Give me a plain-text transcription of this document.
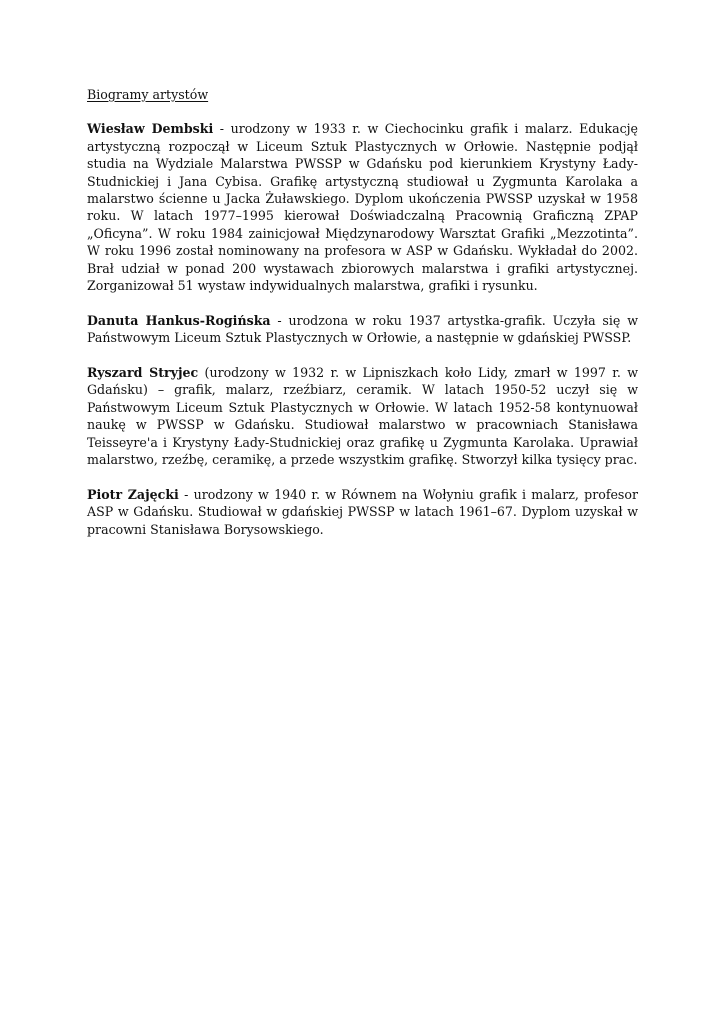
Biogramy artystów

Wiesław Dembski - urodzony w 1933 r. w Ciechocinku grafik i malarz. Edukację artystyczną rozpoczął w Liceum Sztuk Plastycznych w Orłowie. Następnie podjął studia na Wydziale Malarstwa PWSSP w Gdańsku pod kierunkiem Krystyny Łady-Studnickiej i Jana Cybisa. Grafikę artystyczną studiował u Zygmunta Karolaka a malarstwo ścienne u Jacka Żuławskiego. Dyplom ukończenia PWSSP uzyskał w 1958 roku. W latach 1977–1995 kierował Doświadczalną Pracownią Graficzną ZPAP „Oficyna”. W roku 1984 zainicjował Międzynarodowy Warsztat Grafiki „Mezzotinta”. W roku 1996 został nominowany na profesora w ASP w Gdańsku. Wykładał do 2002. Brał udział w ponad 200 wystawach zbiorowych malarstwa i grafiki artystycznej. Zorganizował 51 wystaw indywidualnych malarstwa, grafiki i rysunku.

Danuta Hankus-Rogińska - urodzona w roku 1937 artystka-grafik. Uczyła się w Państwowym Liceum Sztuk Plastycznych w Orłowie, a następnie w gdańskiej PWSSP.

Ryszard Stryjec (urodzony w 1932 r. w Lipniszkach koło Lidy, zmarł w 1997 r. w Gdańsku) – grafik, malarz, rzeźbiarz, ceramik. W latach 1950-52 uczył się w Państwowym Liceum Sztuk Plastycznych w Orłowie. W latach 1952-58 kontynuował naukę w PWSSP w Gdańsku. Studiował malarstwo w pracowniach Stanisława Teisseyre'a i Krystyny Łady-Studnickiej oraz grafikę u Zygmunta Karolaka. Uprawiał malarstwo, rzeźbę, ceramikę, a przede wszystkim grafikę. Stworzył kilka tysięcy prac.

Piotr Zajęcki - urodzony w 1940 r. w Równem na Wołyniu grafik i malarz, profesor ASP w Gdańsku. Studiował w gdańskiej PWSSP w latach 1961–67. Dyplom uzyskał w pracowni Stanisława Borysowskiego.
